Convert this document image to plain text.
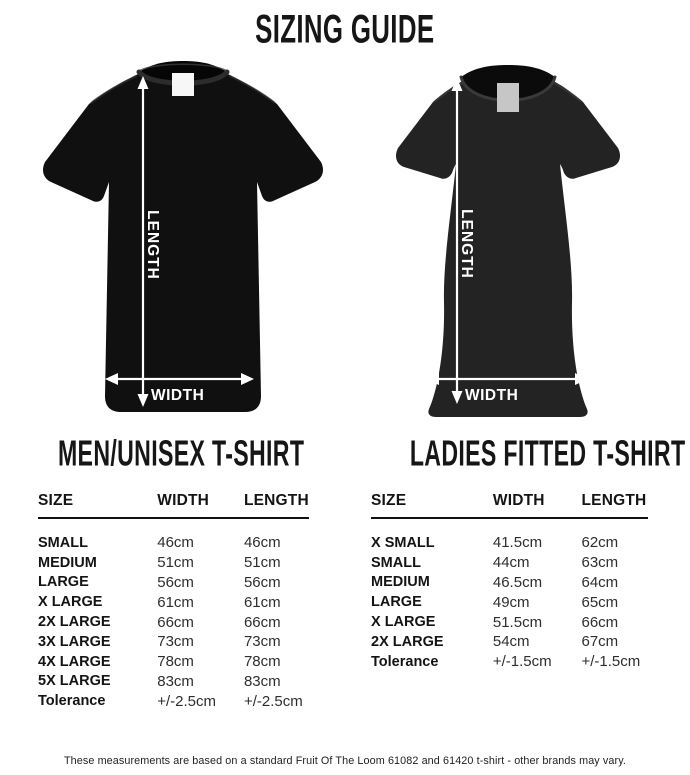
SIZING GUIDE
LENGTH
WIDTH
LENGTH
WIDTH
MEN/UNISEX T-SHIRT	LADIES FITTED T-SHIRT
SIZE	WIDTH	LENGTH
SMALL	46cm	46cm
MEDIUM	51cm	51cm
LARGE	56cm	56cm
X LARGE	61cm	61cm
2X LARGE	66cm	66cm
3X LARGE	73cm	73cm
4X LARGE	78cm	78cm
5X LARGE	83cm	83cm
Tolerance	+/-2.5cm	+/-2.5cm
SIZE	WIDTH	LENGTH
X SMALL	41.5cm	62cm
SMALL	44cm	63cm
MEDIUM	46.5cm	64cm
LARGE	49cm	65cm
X LARGE	51.5cm	66cm
2X LARGE	54cm	67cm
Tolerance	+/-1.5cm	+/-1.5cm
These measurements are based on a standard Fruit Of The Loom 61082 and 61420 t-shirt - other brands may vary.
